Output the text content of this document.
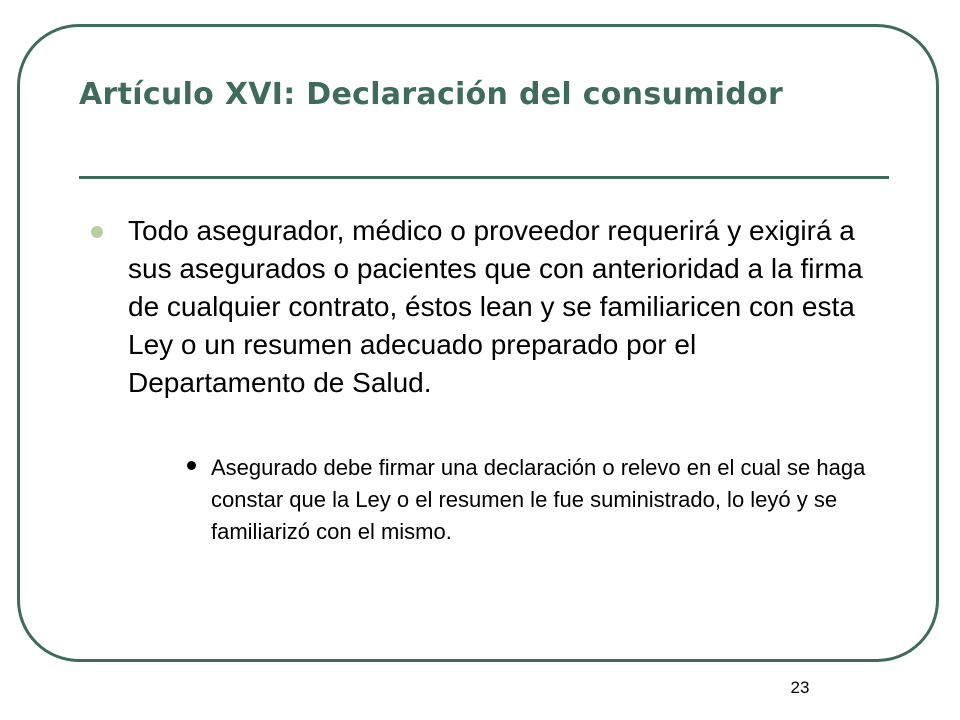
Artículo XVI: Declaración del consumidor

Todo asegurador, médico o proveedor requerirá y exigirá a sus asegurados o pacientes que con anterioridad a la firma de cualquier contrato, éstos lean y se familiaricen con esta Ley o un resumen adecuado preparado por el Departamento de Salud.

Asegurado debe firmar una declaración o relevo en el cual se haga constar que la Ley o el resumen le fue suministrado, lo leyó y se familiarizó con el mismo.

23
